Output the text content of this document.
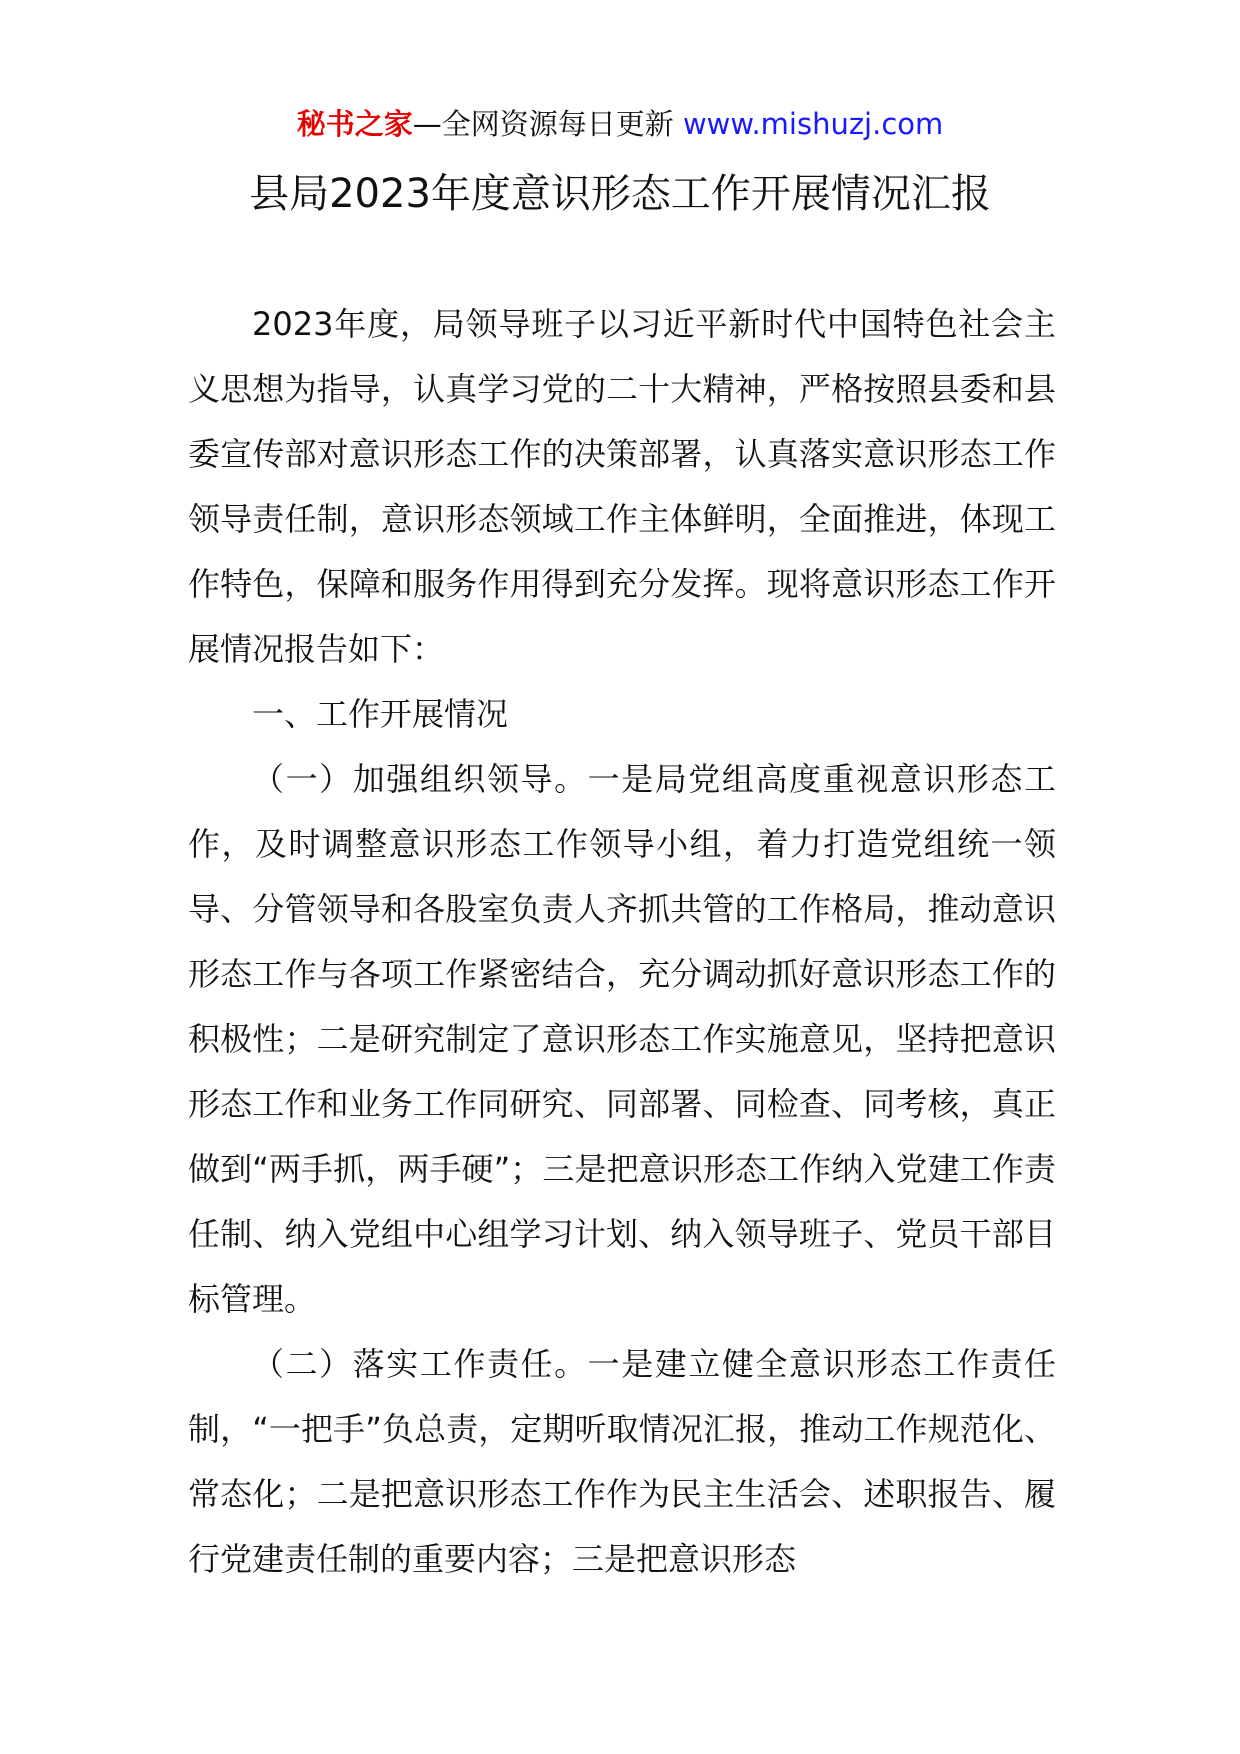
秘书之家—全网资源每日更新 www.mishuzj.com
县局2023年度意识形态工作开展情况汇报

2023年度，局领导班子以习近平新时代中国特色社会主义思想为指导，认真学习党的二十大精神，严格按照县委和县委宣传部对意识形态工作的决策部署，认真落实意识形态工作领导责任制，意识形态领域工作主体鲜明，全面推进，体现工作特色，保障和服务作用得到充分发挥。现将意识形态工作开展情况报告如下：

一、工作开展情况

（一）加强组织领导。一是局党组高度重视意识形态工作，及时调整意识形态工作领导小组，着力打造党组统一领导、分管领导和各股室负责人齐抓共管的工作格局，推动意识形态工作与各项工作紧密结合，充分调动抓好意识形态工作的积极性；二是研究制定了意识形态工作实施意见，坚持把意识形态工作和业务工作同研究、同部署、同检查、同考核，真正做到“两手抓，两手硬”；三是把意识形态工作纳入党建工作责任制、纳入党组中心组学习计划、纳入领导班子、党员干部目标管理。

（二）落实工作责任。一是建立健全意识形态工作责任制，“一把手”负总责，定期听取情况汇报，推动工作规范化、常态化；二是把意识形态工作作为民主生活会、述职报告、履行党建责任制的重要内容；三是把意识形态
